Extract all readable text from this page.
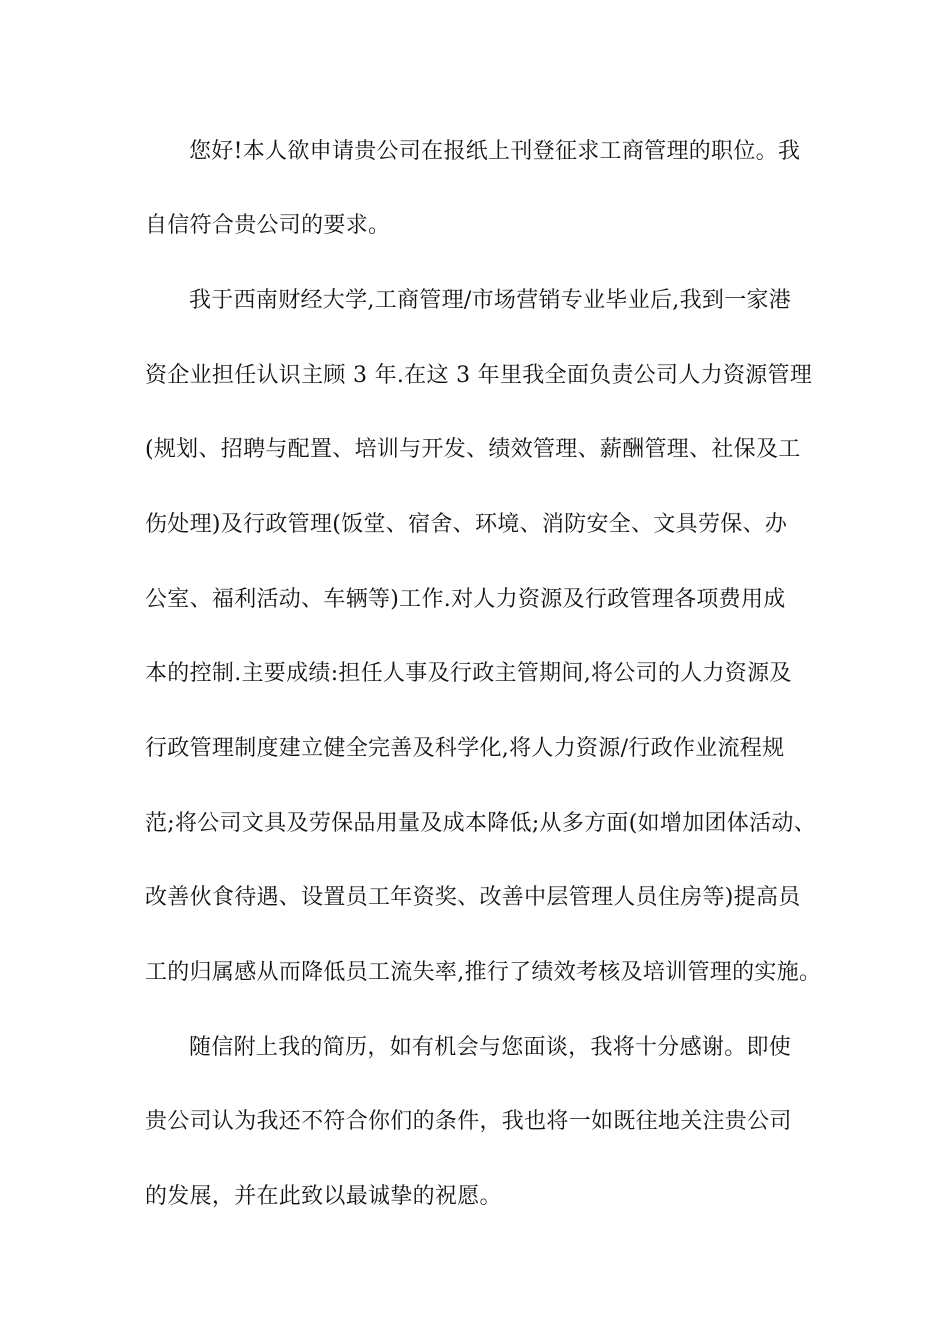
您好!本人欲申请贵公司在报纸上刊登征求工商管理的职位。我
自信符合贵公司的要求。
我于西南财经大学,工商管理/市场营销专业毕业后,我到一家港
资企业担任认识主顾 3 年.在这 3 年里我全面负责公司人力资源管理
(规划、招聘与配置、培训与开发、绩效管理、薪酬管理、社保及工
伤处理)及行政管理(饭堂、宿舍、环境、消防安全、文具劳保、办
公室、福利活动、车辆等)工作.对人力资源及行政管理各项费用成
本的控制.主要成绩:担任人事及行政主管期间,将公司的人力资源及
行政管理制度建立健全完善及科学化,将人力资源/行政作业流程规
范;将公司文具及劳保品用量及成本降低;从多方面(如增加团体活动、
改善伙食待遇、设置员工年资奖、改善中层管理人员住房等)提高员
工的归属感从而降低员工流失率,推行了绩效考核及培训管理的实施。
随信附上我的简历，如有机会与您面谈，我将十分感谢。即使
贵公司认为我还不符合你们的条件，我也将一如既往地关注贵公司
的发展，并在此致以最诚挚的祝愿。
